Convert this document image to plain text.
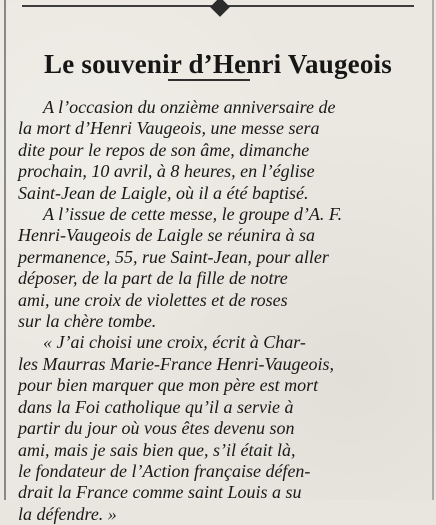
Le souvenir d’Henri Vaugeois

A l’occasion du onzième anniversaire de
la mort d’Henri Vaugeois, une messe sera
dite pour le repos de son âme, dimanche
prochain, 10 avril, à 8 heures, en l’église
Saint-Jean de Laigle, où il a été baptisé.

A l’issue de cette messe, le groupe d’A. F.
Henri-Vaugeois de Laigle se réunira à sa
permanence, 55, rue Saint-Jean, pour aller
déposer, de la part de la fille de notre
ami, une croix de violettes et de roses
sur la chère tombe.

« J’ai choisi une croix, écrit à Char-
les Maurras Marie-France Henri-Vaugeois,
pour bien marquer que mon père est mort
dans la Foi catholique qu’il a servie à
partir du jour où vous êtes devenu son
ami, mais je sais bien que, s’il était là,
le fondateur de l’Action française défen-
drait la France comme saint Louis a su
la défendre. »
